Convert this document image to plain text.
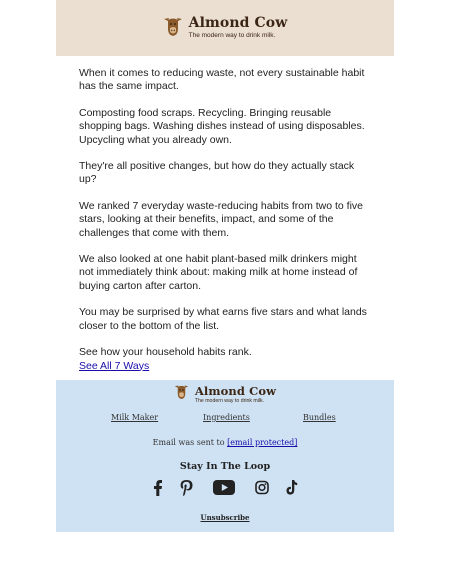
Almond Cow
The modern way to drink milk.

When it comes to reducing waste, not every sustainable habit has the same impact.

Composting food scraps. Recycling. Bringing reusable shopping bags. Washing dishes instead of using disposables. Upcycling what you already own.

They're all positive changes, but how do they actually stack up?

We ranked 7 everyday waste-reducing habits from two to five stars, looking at their benefits, impact, and some of the challenges that come with them.

We also looked at one habit plant-based milk drinkers might not immediately think about: making milk at home instead of buying carton after carton.

You may be surprised by what earns five stars and what lands closer to the bottom of the list.

See how your household habits rank.
See All 7 Ways

Almond Cow
The modern way to drink milk.
Milk Maker	Ingredients	Bundles
Email was sent to [email protected]
Stay In The Loop
Unsubscribe
